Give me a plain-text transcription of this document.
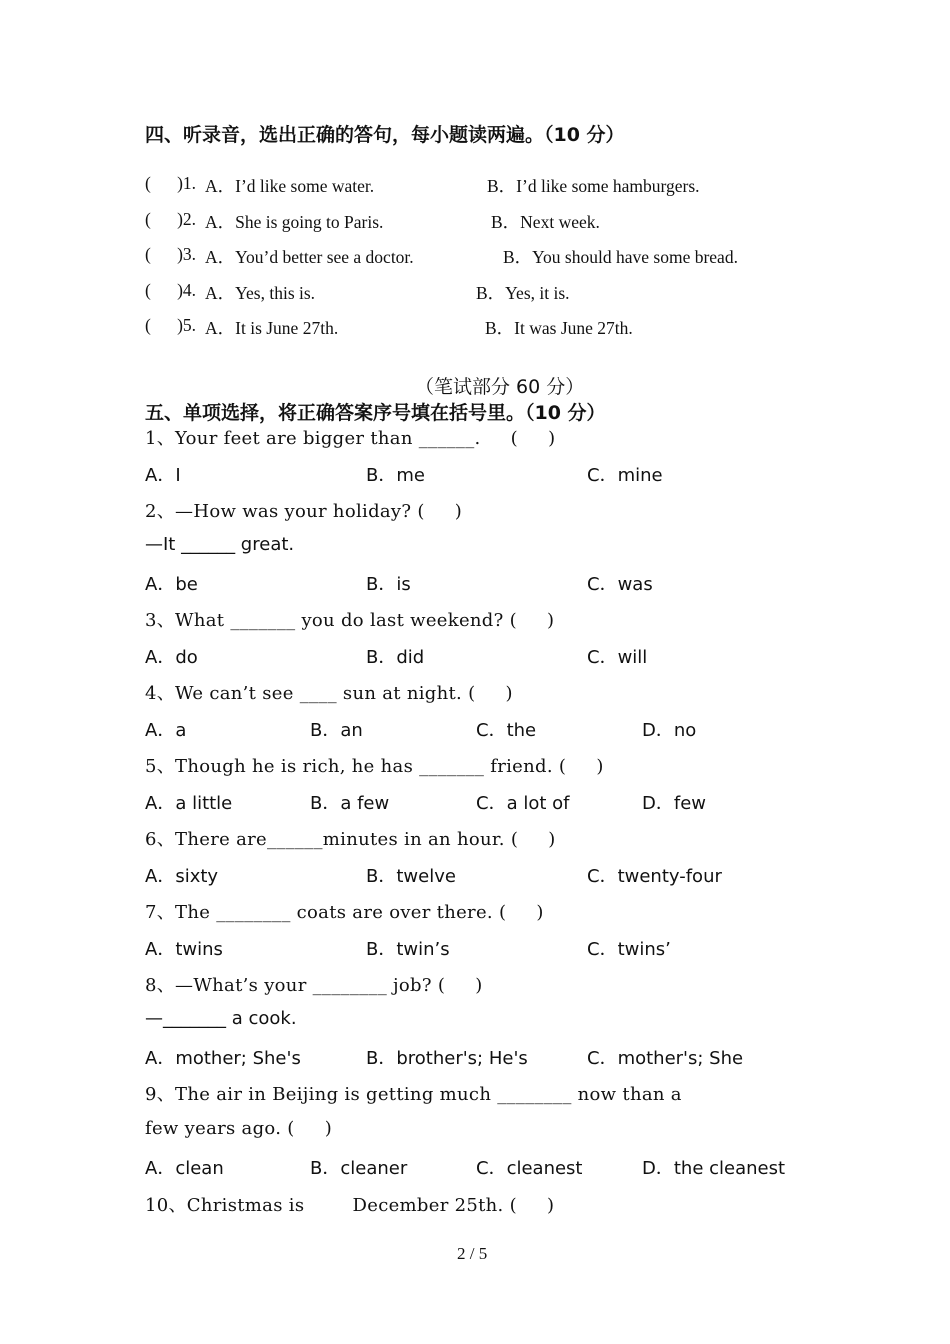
四、听录音，选出正确的答句，每小题读两遍。（10 分）
(      )1. A．I’d like some water.	B．I’d like some hamburgers.
(      )2. A．She is going to Paris.	B．Next week.
(      )3. A．You’d better see a doctor.	B．You should have some bread.
(      )4. A．Yes, this is.	B．Yes, it is.
(      )5. A．It is June 27th.	B．It was June 27th.
（笔试部分 60 分）
五、单项选择，将正确答案序号填在括号里。（10 分）
1、Your feet are bigger than ______.     (     )
A．I	B．me	C．mine
2、—How was your holiday? (     )
—It ______ great.
A．be	B．is	C．was
3、What _______ you do last weekend? (     )
A．do	B．did	C．will
4、We can’t see ____ sun at night. (     )
A．a	B．an	C．the	D．no
5、Though he is rich, he has _______ friend. (     )
A．a little	B．a few	C．a lot of	D．few
6、There are______minutes in an hour. (     )
A．sixty	B．twelve	C．twenty-four
7、The ________ coats are over there. (     )
A．twins	B．twin’s	C．twins’
8、—What’s your ________ job? (     )
—_______ a cook.
A．mother; She's	B．brother's; He's	C．mother's; She
9、The air in Beijing is getting much ________ now than a
few years ago. (     )
A．clean	B．cleaner	C．cleanest	D．the cleanest
10、Christmas is        December 25th. (     )
2 / 5
